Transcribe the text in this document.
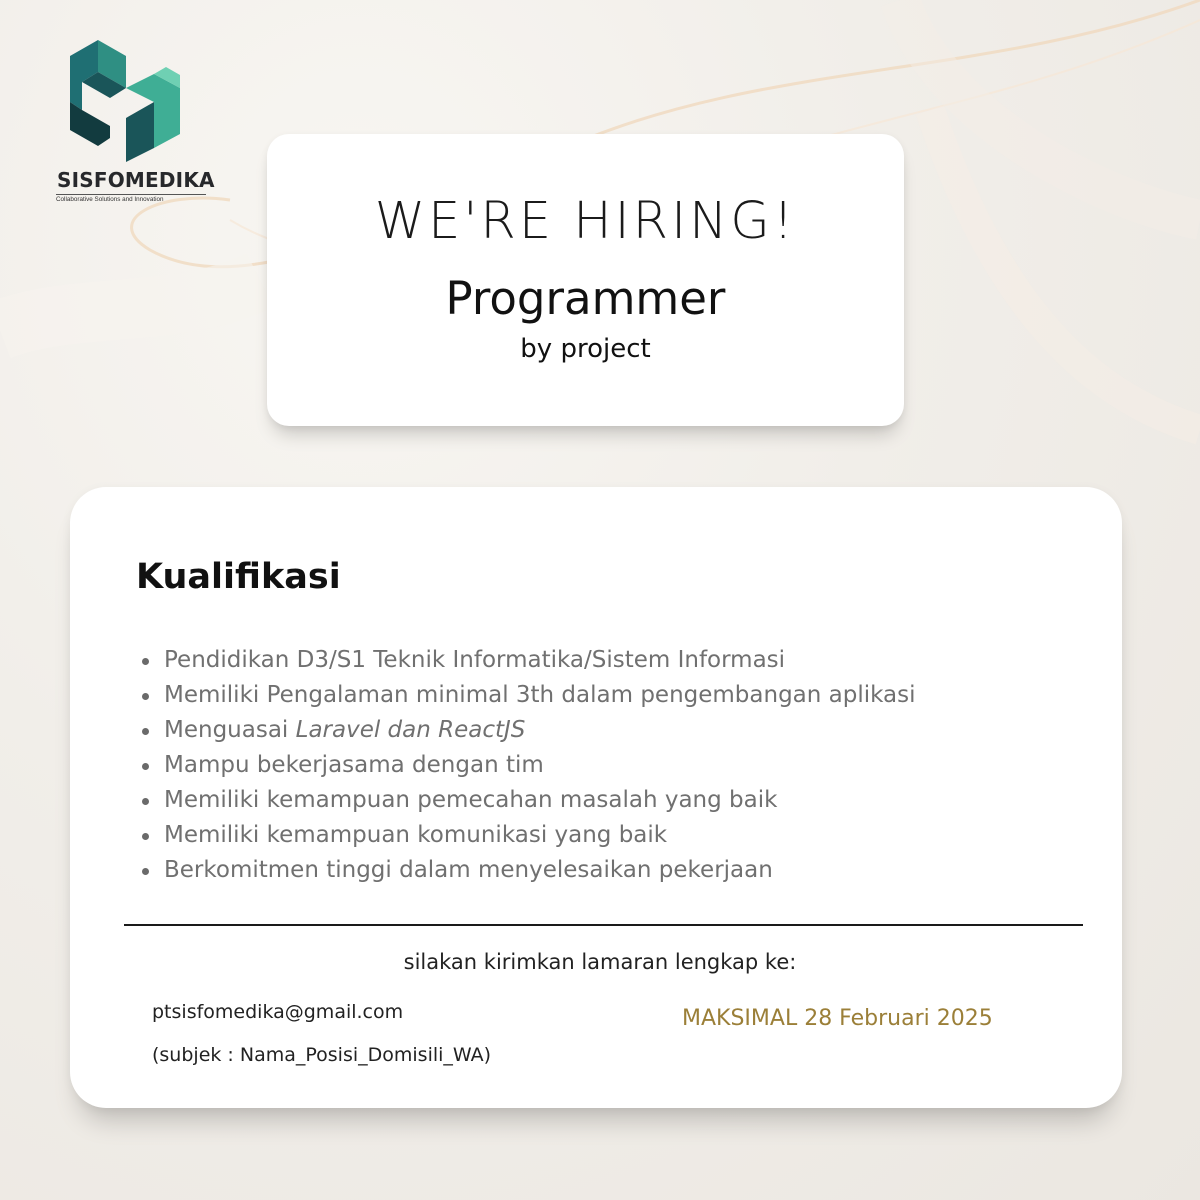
SISFOMEDIKA
Collaborative Solutions and Innovation	WE'RE HIRING!
Programmer
by project
Kualifikasi
Pendidikan D3/S1 Teknik Informatika/Sistem Informasi
Memiliki Pengalaman minimal 3th dalam pengembangan aplikasi
Menguasai Laravel dan ReactJS
Mampu bekerjasama dengan tim
Memiliki kemampuan pemecahan masalah yang baik
Memiliki kemampuan komunikasi yang baik
Berkomitmen tinggi dalam menyelesaikan pekerjaan
silakan kirimkan lamaran lengkap ke:
ptsisfomedika@gmail.com
(subjek : Nama_Posisi_Domisili_WA)
MAKSIMAL 28 Februari 2025
